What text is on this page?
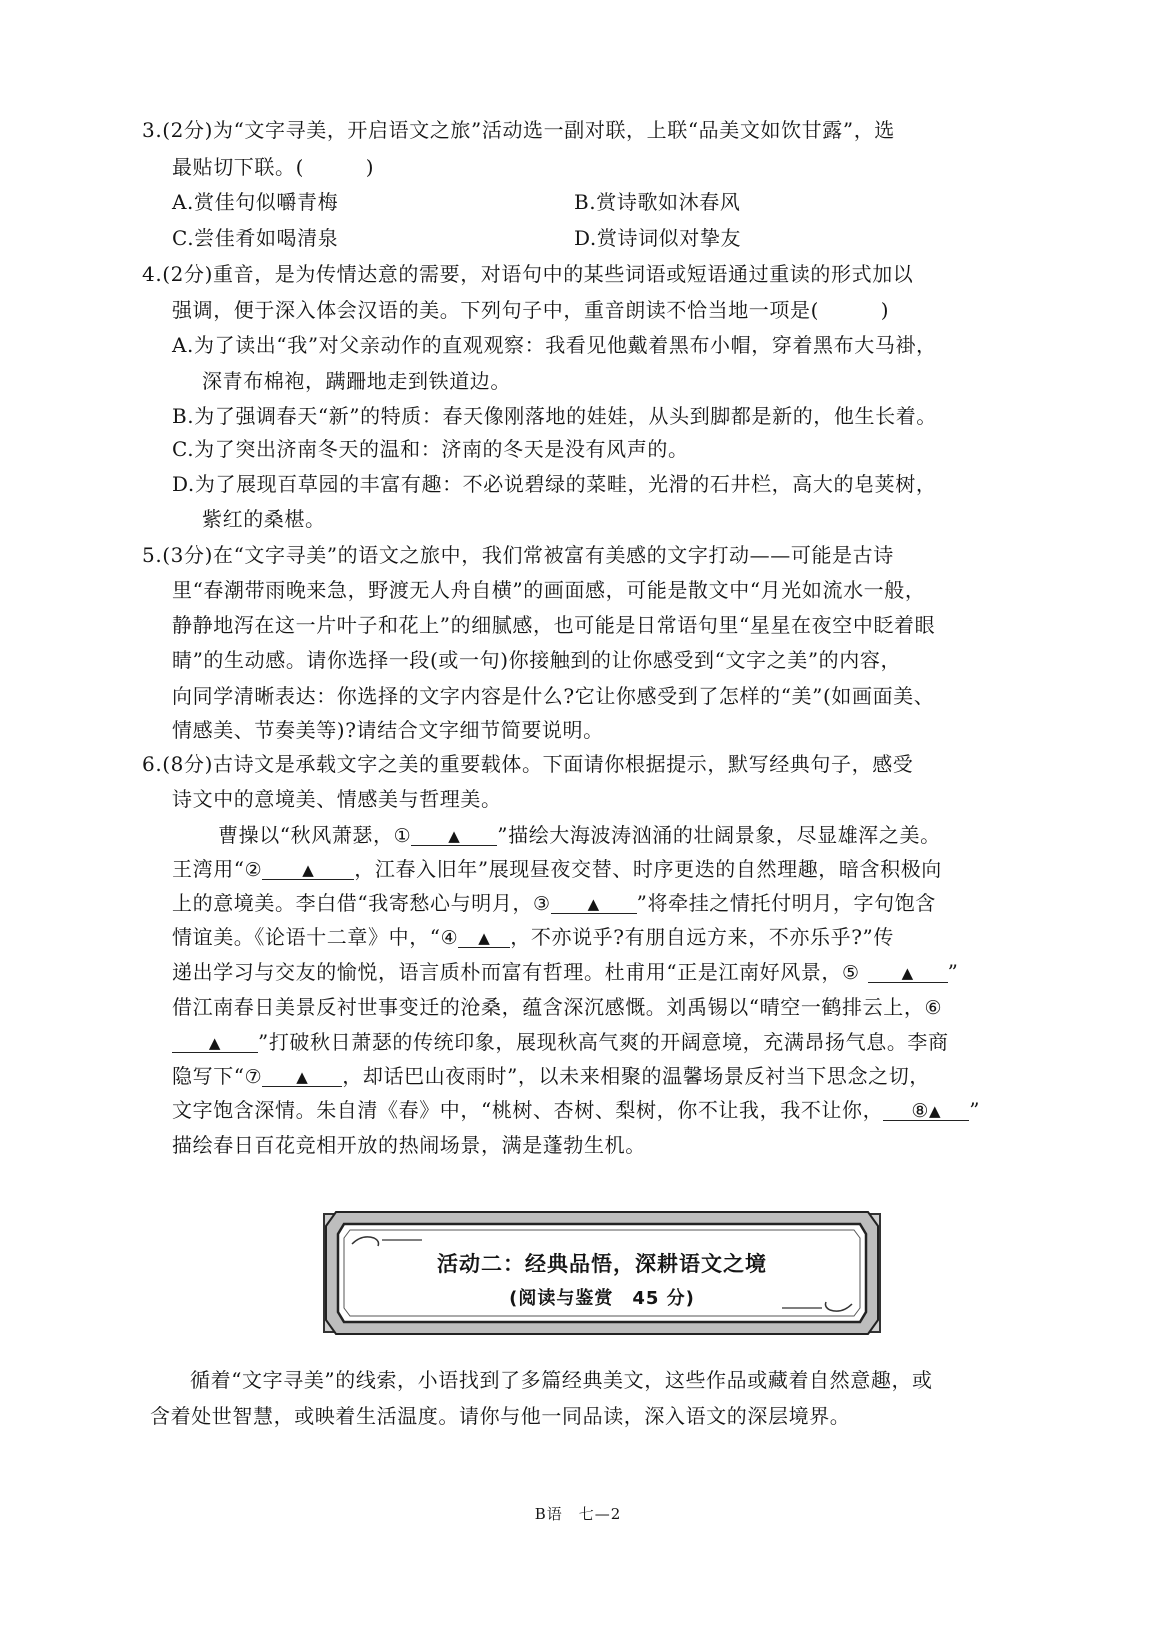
3.(2分)为“文字寻美，开启语文之旅”活动选一副对联，上联“品美文如饮甘露”，选
最贴切下联。(　　　)
A.赏佳句似嚼青梅	B.赏诗歌如沐春风
C.尝佳肴如喝清泉	D.赏诗词似对挚友
4.(2分)重音，是为传情达意的需要，对语句中的某些词语或短语通过重读的形式加以
强调，便于深入体会汉语的美。下列句子中，重音朗读不恰当地一项是(　　　)
A.为了读出“我”对父亲动作的直观观察：我看见他戴着黑布小帽，穿着黑布大马褂，
深青布棉袍，蹒跚地走到铁道边。
B.为了强调春天“新”的特质：春天像刚落地的娃娃，从头到脚都是新的，他生长着。
C.为了突出济南冬天的温和：济南的冬天是没有风声的。
D.为了展现百草园的丰富有趣：不必说碧绿的菜畦，光滑的石井栏，高大的皂荚树，
紫红的桑椹。
5.(3分)在“文字寻美”的语文之旅中，我们常被富有美感的文字打动——可能是古诗
里“春潮带雨晚来急，野渡无人舟自横”的画面感，可能是散文中“月光如流水一般，
静静地泻在这一片叶子和花上”的细腻感，也可能是日常语句里“星星在夜空中眨着眼
睛”的生动感。请你选择一段(或一句)你接触到的让你感受到“文字之美”的内容，
向同学清晰表达：你选择的文字内容是什么?它让你感受到了怎样的“美”(如画面美、
情感美、节奏美等)?请结合文字细节简要说明。
6.(8分)古诗文是承载文字之美的重要载体。下面请你根据提示，默写经典句子，感受
诗文中的意境美、情感美与哲理美。
曹操以“秋风萧瑟，① ▲ ”描绘大海波涛汹涌的壮阔景象，尽显雄浑之美。
王湾用“②	▲ ，江春入旧年”展现昼夜交替、时序更迭的自然理趣，暗含积极向
上的意境美。李白借“我寄愁心与明月，③ ▲ ”将牵挂之情托付明月，字句饱含
情谊美。《论语十二章》中，“④ ▲ ，不亦说乎?有朋自远方来，不亦乐乎?”传
递出学习与交友的愉悦，语言质朴而富有哲理。杜甫用“正是江南好风景，⑤	▲ ”
借江南春日美景反衬世事变迁的沧桑，蕴含深沉感慨。刘禹锡以“晴空一鹤排云上，⑥
▲ ”打破秋日萧瑟的传统印象，展现秋高气爽的开阔意境，充满昂扬气息。李商
隐写下“⑦ ▲ ，却话巴山夜雨时”，以未来相聚的温馨场景反衬当下思念之切，
文字饱含深情。朱自清《春》中，“桃树、杏树、梨树，你不让我，我不让你， ⑧▲ ”
描绘春日百花竞相开放的热闹场景，满是蓬勃生机。
活动二：经典品悟，深耕语文之境
(阅读与鉴赏　45 分)
循着“文字寻美”的线索，小语找到了多篇经典美文，这些作品或藏着自然意趣，或
含着处世智慧，或映着生活温度。请你与他一同品读，深入语文的深层境界。
B语　七—2
